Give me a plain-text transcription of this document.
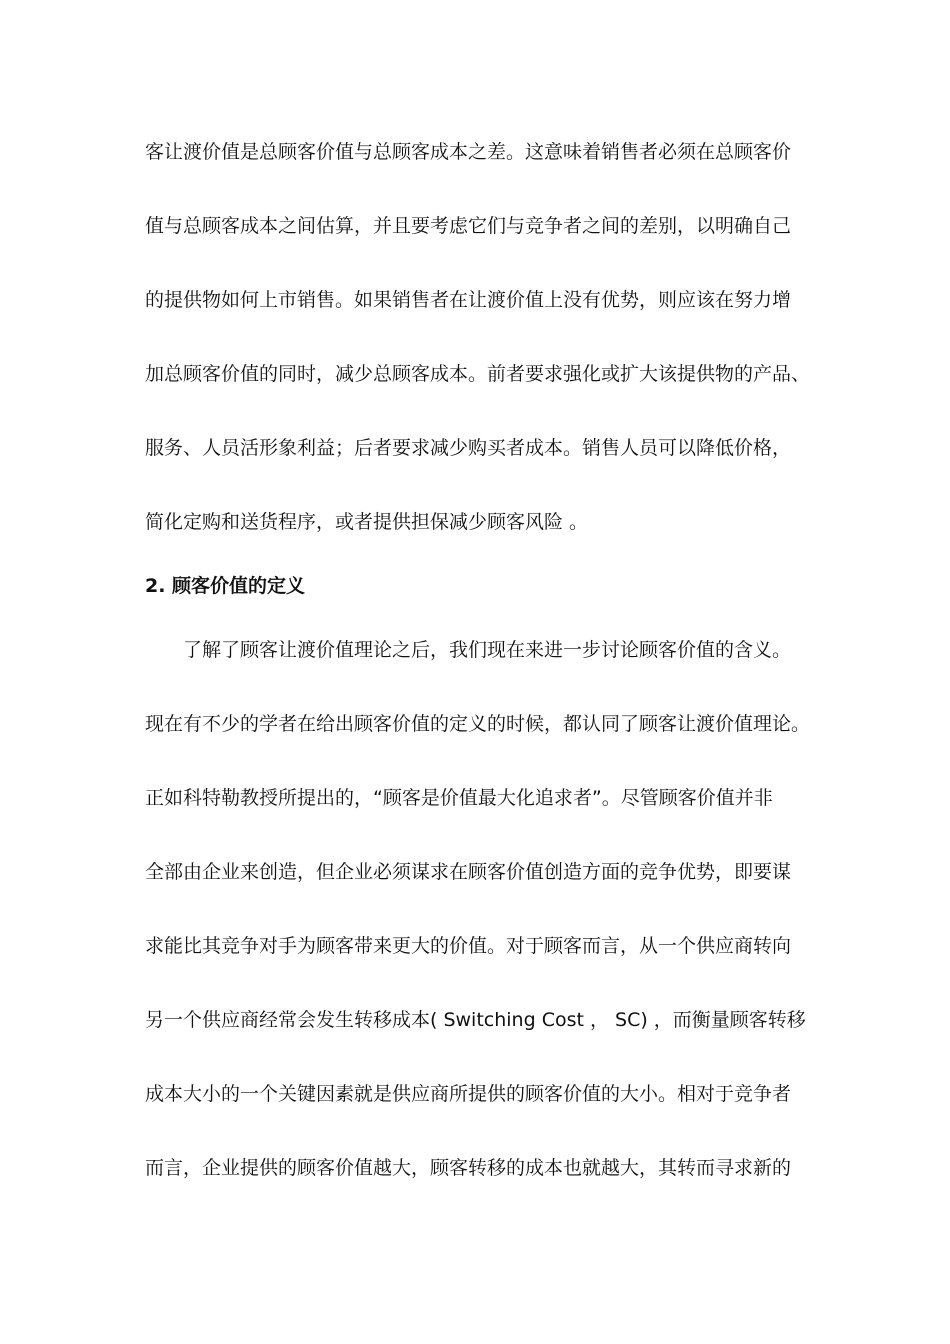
客让渡价值是总顾客价值与总顾客成本之差。这意味着销售者必须在总顾客价
值与总顾客成本之间估算，并且要考虑它们与竞争者之间的差别，以明确自己
的提供物如何上市销售。如果销售者在让渡价值上没有优势，则应该在努力增
加总顾客价值的同时，减少总顾客成本。前者要求强化或扩大该提供物的产品、
服务、人员活形象利益；后者要求减少购买者成本。销售人员可以降低价格，
简化定购和送货程序，或者提供担保减少顾客风险 。
2. 顾客价值的定义
了解了顾客让渡价值理论之后，我们现在来进一步讨论顾客价值的含义。
现在有不少的学者在给出顾客价值的定义的时候，都认同了顾客让渡价值理论。
正如科特勒教授所提出的，“顾客是价值最大化追求者”。尽管顾客价值并非
全部由企业来创造，但企业必须谋求在顾客价值创造方面的竞争优势，即要谋
求能比其竞争对手为顾客带来更大的价值。对于顾客而言，从一个供应商转向
另一个供应商经常会发生转移成本( Switching Cost ， SC) ，而衡量顾客转移
成本大小的一个关键因素就是供应商所提供的顾客价值的大小。相对于竞争者
而言，企业提供的顾客价值越大，顾客转移的成本也就越大，其转而寻求新的
